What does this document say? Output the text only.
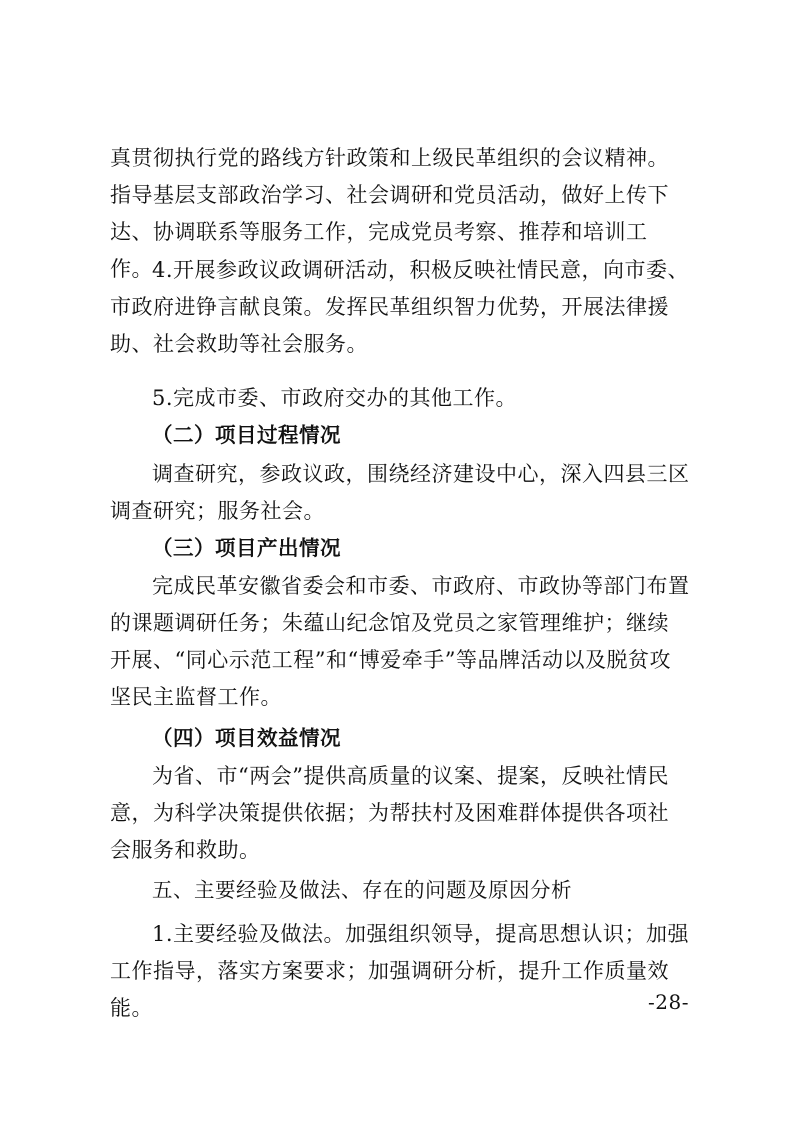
真贯彻执行党的路线方针政策和上级民革组织的会议精神。指导基层支部政治学习、社会调研和党员活动，做好上传下达、协调联系等服务工作，完成党员考察、推荐和培训工作。 4.开展参政议政调研活动，积极反映社情民意，向市委、市政府进铮言献良策。发挥民革组织智力优势，开展法律援助、社会救助等社会服务。

5.完成市委、市政府交办的其他工作。

（二）项目过程情况

调查研究，参政议政，围绕经济建设中心，深入四县三区调查研究；服务社会。

（三）项目产出情况

完成民革安徽省委会和市委、市政府、市政协等部门布置的课题调研任务；朱蕴山纪念馆及党员之家管理维护；继续开展、“同心示范工程”和“博爱牵手”等品牌活动以及脱贫攻坚民主监督工作。

（四）项目效益情况

为省、市“两会”提供高质量的议案、提案，反映社情民意，为科学决策提供依据；为帮扶村及困难群体提供各项社会服务和救助。

五、主要经验及做法、存在的问题及原因分析

1.主要经验及做法。加强组织领导，提高思想认识；加强工作指导，落实方案要求；加强调研分析，提升工作质量效能。	-28-
